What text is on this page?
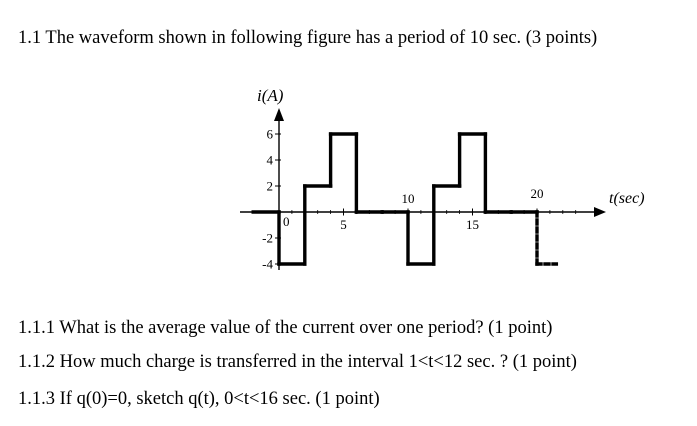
1.1 The waveform shown in following figure has a period of 10 sec. (3 points)
6
4
2
-2
-4
0	5
10
15
20
i(A)
t(sec)
1.1.1 What is the average value of the current over one period? (1 point)
1.1.2 How much charge is transferred in the interval 1<t<12 sec. ? (1 point)
1.1.3 If q(0)=0, sketch q(t), 0<t<16 sec. (1 point)
